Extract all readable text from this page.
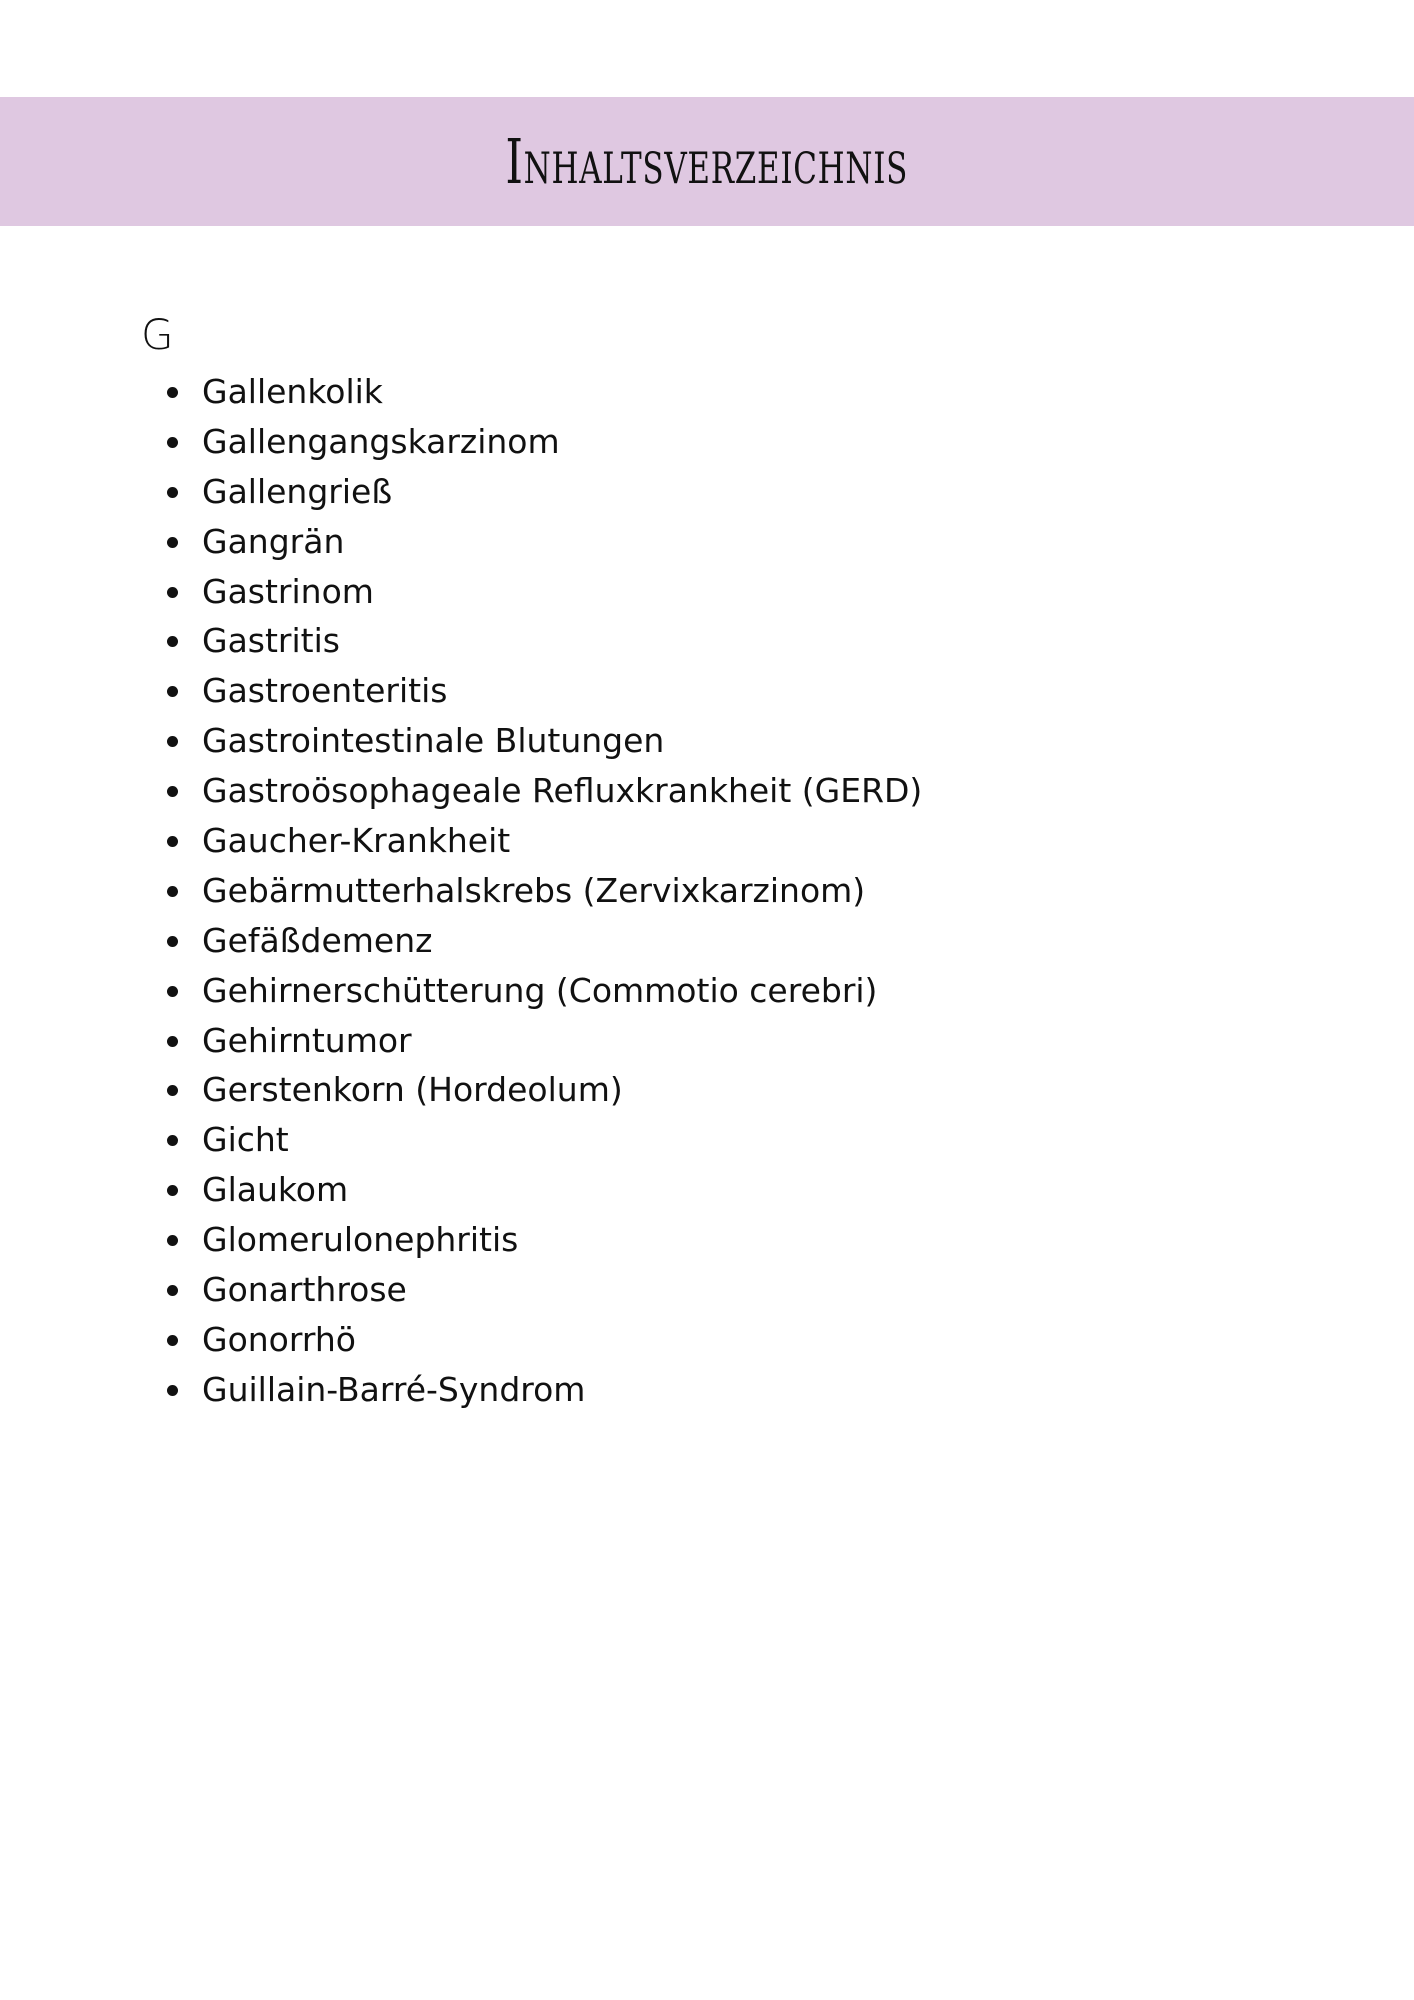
Inhaltsverzeichnis
G
Gallenkolik
Gallengangskarzinom
Gallengrieß
Gangrän
Gastrinom
Gastritis
Gastroenteritis
Gastrointestinale Blutungen
Gastroösophageale Refluxkrankheit (GERD)
Gaucher-Krankheit
Gebärmutterhalskrebs (Zervixkarzinom)
Gefäßdemenz
Gehirnerschütterung (Commotio cerebri)
Gehirntumor
Gerstenkorn (Hordeolum)
Gicht
Glaukom
Glomerulonephritis
Gonarthrose
Gonorrhö
Guillain-Barré-Syndrom
